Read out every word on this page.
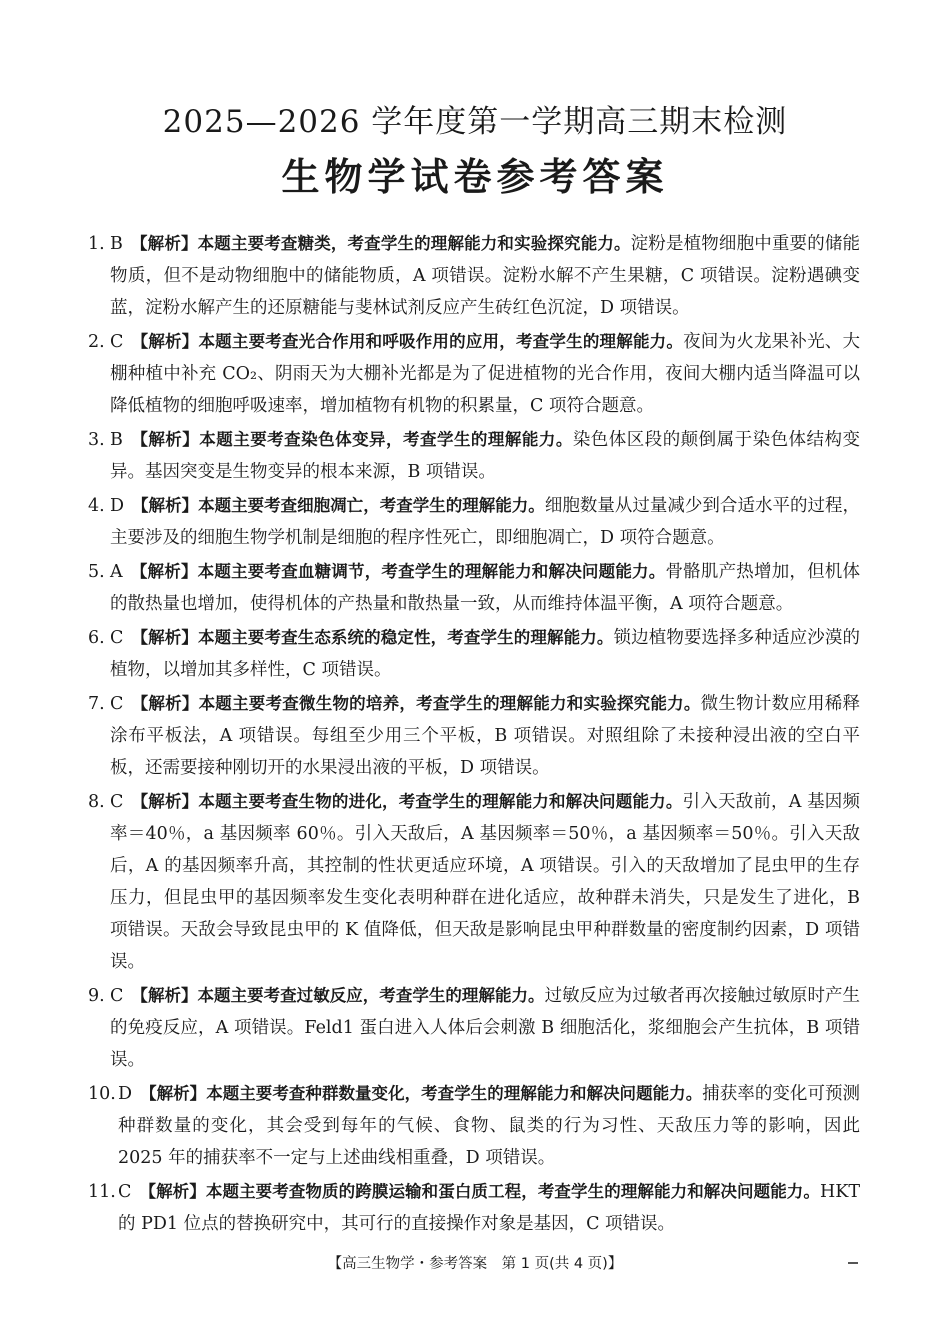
2025—2026 学年度第一学期高三期末检测
生物学试卷参考答案
1. B 【解析】本题主要考查糖类，考查学生的理解能力和实验探究能力。淀粉是植物细胞中重要的储能物质，但不是动物细胞中的储能物质，A 项错误。淀粉水解不产生果糖，C 项错误。淀粉遇碘变蓝，淀粉水解产生的还原糖能与斐林试剂反应产生砖红色沉淀，D 项错误。
2. C 【解析】本题主要考查光合作用和呼吸作用的应用，考查学生的理解能力。夜间为火龙果补光、大棚种植中补充 CO₂、阴雨天为大棚补光都是为了促进植物的光合作用，夜间大棚内适当降温可以降低植物的细胞呼吸速率，增加植物有机物的积累量，C 项符合题意。
3. B 【解析】本题主要考查染色体变异，考查学生的理解能力。染色体区段的颠倒属于染色体结构变异。基因突变是生物变异的根本来源，B 项错误。
4. D 【解析】本题主要考查细胞凋亡，考查学生的理解能力。细胞数量从过量减少到合适水平的过程，主要涉及的细胞生物学机制是细胞的程序性死亡，即细胞凋亡，D 项符合题意。
5. A 【解析】本题主要考查血糖调节，考查学生的理解能力和解决问题能力。骨骼肌产热增加，但机体的散热量也增加，使得机体的产热量和散热量一致，从而维持体温平衡，A 项符合题意。
6. C 【解析】本题主要考查生态系统的稳定性，考查学生的理解能力。锁边植物要选择多种适应沙漠的植物，以增加其多样性，C 项错误。
7. C 【解析】本题主要考查微生物的培养，考查学生的理解能力和实验探究能力。微生物计数应用稀释涂布平板法，A 项错误。每组至少用三个平板，B 项错误。对照组除了未接种浸出液的空白平板，还需要接种刚切开的水果浸出液的平板，D 项错误。
8. C 【解析】本题主要考查生物的进化，考查学生的理解能力和解决问题能力。引入天敌前，A 基因频率＝40％，a 基因频率 60％。引入天敌后，A 基因频率＝50％，a 基因频率＝50％。引入天敌后，A 的基因频率升高，其控制的性状更适应环境，A 项错误。引入的天敌增加了昆虫甲的生存压力，但昆虫甲的基因频率发生变化表明种群在进化适应，故种群未消失，只是发生了进化，B 项错误。天敌会导致昆虫甲的 K 值降低，但天敌是影响昆虫甲种群数量的密度制约因素，D 项错误。
9. C 【解析】本题主要考查过敏反应，考查学生的理解能力。过敏反应为过敏者再次接触过敏原时产生的免疫反应，A 项错误。Feld1 蛋白进入人体后会刺激 B 细胞活化，浆细胞会产生抗体，B 项错误。
10. D 【解析】本题主要考查种群数量变化，考查学生的理解能力和解决问题能力。捕获率的变化可预测种群数量的变化，其会受到每年的气候、食物、鼠类的行为习性、天敌压力等的影响，因此 2025 年的捕获率不一定与上述曲线相重叠，D 项错误。
11. C 【解析】本题主要考查物质的跨膜运输和蛋白质工程，考查学生的理解能力和解决问题能力。HKT 的 PD1 位点的替换研究中，其可行的直接操作对象是基因，C 项错误。
【高三生物学・参考答案　第 1 页(共 4 页)】
